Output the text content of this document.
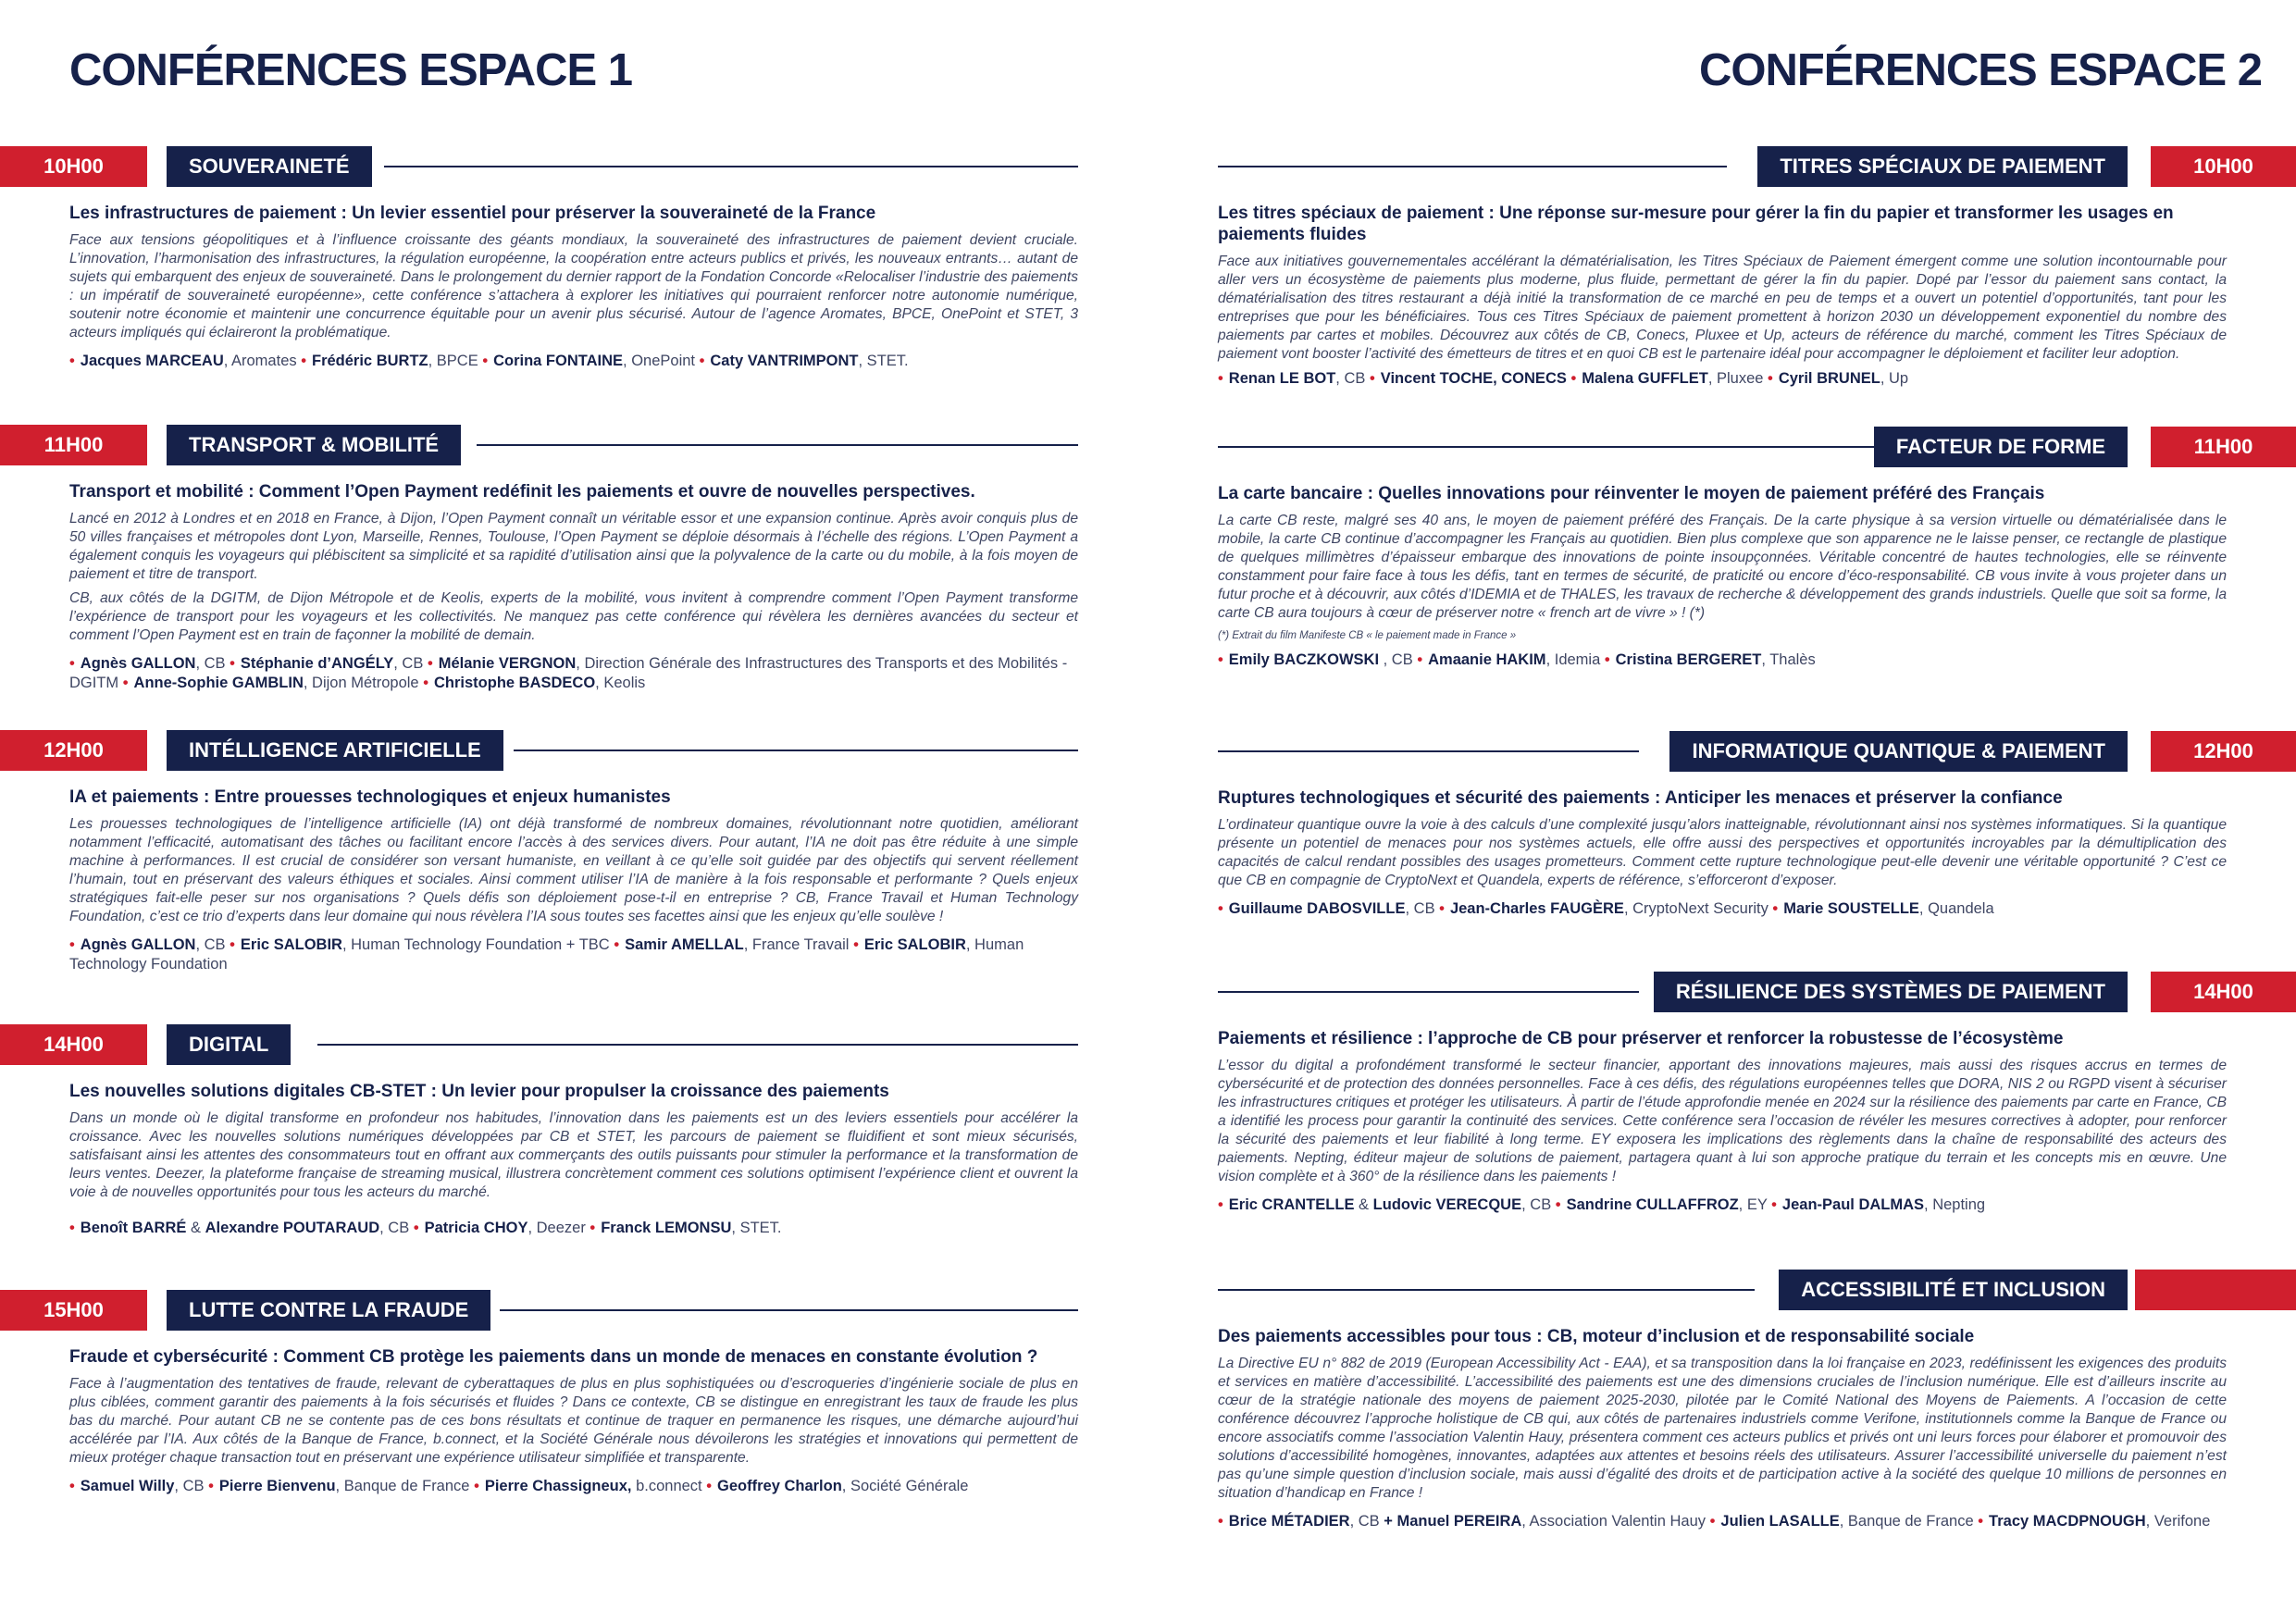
CONFÉRENCES ESPACE 1
10H00	SOUVERAINETÉ
Les infrastructures de paiement : Un levier essentiel pour préserver la souveraineté de la France

Face aux tensions géopolitiques et à l’influence croissante des géants mondiaux, la souveraineté des infrastructures de paiement devient cruciale. L’innovation, l’harmonisation des infrastructures, la régulation européenne, la coopération entre acteurs publics et privés, les nouveaux entrants… autant de sujets qui embarquent des enjeux de souveraineté. Dans le prolongement du dernier rapport de la Fondation Concorde «Relocaliser l’industrie des paiements : un impératif de souveraineté européenne», cette conférence s’attachera à explorer les initiatives qui pourraient renforcer notre autonomie numérique, soutenir notre économie et maintenir une concurrence équitable pour un avenir plus sécurisé. Autour de l’agence Aromates, BPCE, OnePoint et STET, 3 acteurs impliqués qui éclaireront la problématique.

• Jacques MARCEAU, Aromates • Frédéric BURTZ, BPCE • Corina FONTAINE, OnePoint • Caty VANTRIMPONT, STET.
11H00	TRANSPORT & MOBILITÉ
Transport et mobilité : Comment l’Open Payment redéfinit les paiements et ouvre de nouvelles perspectives.

Lancé en 2012 à Londres et en 2018 en France, à Dijon, l’Open Payment connaît un véritable essor et une expansion continue. Après avoir conquis plus de 50 villes françaises et métropoles dont Lyon, Marseille, Rennes, Toulouse, l’Open Payment se déploie désormais à l’échelle des régions. L’Open Payment a également conquis les voyageurs qui plébiscitent sa simplicité et sa rapidité d’utilisation ainsi que la polyvalence de la carte ou du mobile, à la fois moyen de paiement et titre de transport.

CB, aux côtés de la DGITM, de Dijon Métropole et de Keolis, experts de la mobilité, vous invitent à comprendre comment l’Open Payment transforme l’expérience de transport pour les voyageurs et les collectivités. Ne manquez pas cette conférence qui révèlera les dernières avancées du secteur et comment l’Open Payment est en train de façonner la mobilité de demain.

• Agnès GALLON, CB • Stéphanie d’ANGÉLY, CB • Mélanie VERGNON, Direction Générale des Infrastructures des Transports et des Mobilités - DGITM • Anne-Sophie GAMBLIN, Dijon Métropole • Christophe BASDECO, Keolis
12H00	INTÉLLIGENCE ARTIFICIELLE
IA et paiements : Entre prouesses technologiques et enjeux humanistes

Les prouesses technologiques de l’intelligence artificielle (IA) ont déjà transformé de nombreux domaines, révolutionnant notre quotidien, améliorant notamment l’efficacité, automatisant des tâches ou facilitant encore l’accès à des services divers. Pour autant, l’IA ne doit pas être réduite à une simple machine à performances. Il est crucial de considérer son versant humaniste, en veillant à ce qu’elle soit guidée par des objectifs qui servent réellement l’humain, tout en préservant des valeurs éthiques et sociales. Ainsi comment utiliser l’IA de manière à la fois responsable et performante ? Quels enjeux stratégiques fait-elle peser sur nos organisations ? Quels défis son déploiement pose-t-il en entreprise ? CB, France Travail et Human Technology Foundation, c’est ce trio d’experts dans leur domaine qui nous révèlera l’IA sous toutes ses facettes ainsi que les enjeux qu’elle soulève !

• Agnès GALLON, CB • Eric SALOBIR, Human Technology Foundation + TBC • Samir AMELLAL, France Travail • Eric SALOBIR, Human Technology Foundation
14H00	DIGITAL
Les nouvelles solutions digitales CB-STET : Un levier pour propulser la croissance des paiements

Dans un monde où le digital transforme en profondeur nos habitudes, l’innovation dans les paiements est un des leviers essentiels pour accélérer la croissance. Avec les nouvelles solutions numériques développées par CB et STET, les parcours de paiement se fluidifient et sont mieux sécurisés, satisfaisant ainsi les attentes des consommateurs tout en offrant aux commerçants des outils puissants pour stimuler la performance et la transformation de leurs ventes. Deezer, la plateforme française de streaming musical, illustrera concrètement comment ces solutions optimisent l’expérience client et ouvrent la voie à de nouvelles opportunités pour tous les acteurs du marché.

• Benoît BARRÉ & Alexandre POUTARAUD, CB • Patricia CHOY, Deezer • Franck LEMONSU, STET.
15H00	LUTTE CONTRE LA FRAUDE
Fraude et cybersécurité : Comment CB protège les paiements dans un monde de menaces en constante évolution ?

Face à l’augmentation des tentatives de fraude, relevant de cyberattaques de plus en plus sophistiquées ou d’escroqueries d’ingénierie sociale de plus en plus ciblées, comment garantir des paiements à la fois sécurisés et fluides ? Dans ce contexte, CB se distingue en enregistrant les taux de fraude les plus bas du marché. Pour autant CB ne se contente pas de ces bons résultats et continue de traquer en permanence les risques, une démarche aujourd’hui accélérée par l’IA. Aux côtés de la Banque de France, b.connect, et la Société Générale nous dévoilerons les stratégies et innovations qui permettent de mieux protéger chaque transaction tout en préservant une expérience utilisateur simplifiée et transparente.

• Samuel Willy, CB • Pierre Bienvenu, Banque de France • Pierre Chassigneux, b.connect • Geoffrey Charlon, Société Générale
CONFÉRENCES ESPACE 2
TITRES SPÉCIAUX DE PAIEMENT	10H00
Les titres spéciaux de paiement : Une réponse sur-mesure pour gérer la fin du papier et transformer les usages en paiements fluides

Face aux initiatives gouvernementales accélérant la dématérialisation, les Titres Spéciaux de Paiement émergent comme une solution incontournable pour aller vers un écosystème de paiements plus moderne, plus fluide, permettant de gérer la fin du papier. Dopé par l’essor du paiement sans contact, la dématérialisation des titres restaurant a déjà initié la transformation de ce marché en peu de temps et a ouvert un potentiel d’opportunités, tant pour les entreprises que pour les bénéficiaires. Tous ces Titres Spéciaux de paiement promettent à horizon 2030 un développement exponentiel du nombre des paiements par cartes et mobiles. Découvrez aux côtés de CB, Conecs, Pluxee et Up, acteurs de référence du marché, comment les Titres Spéciaux de paiement vont booster l’activité des émetteurs de titres et en quoi CB est le partenaire idéal pour accompagner le déploiement et faciliter leur adoption.

• Renan LE BOT, CB • Vincent TOCHE, CONECS • Malena GUFFLET, Pluxee • Cyril BRUNEL, Up
FACTEUR DE FORME	11H00
La carte bancaire : Quelles innovations pour réinventer le moyen de paiement préféré des Français

La carte CB reste, malgré ses 40 ans, le moyen de paiement préféré des Français. De la carte physique à sa version virtuelle ou dématérialisée dans le mobile, la carte CB continue d’accompagner les Français au quotidien. Bien plus complexe que son apparence ne le laisse penser, ce rectangle de plastique de quelques millimètres d’épaisseur embarque des innovations de pointe insoupçonnées. Véritable concentré de hautes technologies, elle se réinvente constamment pour faire face à tous les défis, tant en termes de sécurité, de praticité ou encore d’éco-responsabilité. CB vous invite à vous projeter dans un futur proche et à découvrir, aux côtés d’IDEMIA et de THALES, les travaux de recherche & développement des grands industriels. Quelle que soit sa forme, la carte CB aura toujours à cœur de préserver notre « french art de vivre » ! (*)

(*) Extrait du film Manifeste CB « le paiement made in France »
• Emily BACZKOWSKI , CB • Amaanie HAKIM, Idemia • Cristina BERGERET, Thalès
INFORMATIQUE QUANTIQUE & PAIEMENT	12H00
Ruptures technologiques et sécurité des paiements : Anticiper les menaces et préserver la confiance

L’ordinateur quantique ouvre la voie à des calculs d’une complexité jusqu’alors inatteignable, révolutionnant ainsi nos systèmes informatiques. Si la quantique présente un potentiel de menaces pour nos systèmes actuels, elle offre aussi des perspectives et opportunités incroyables par la démultiplication des capacités de calcul rendant possibles des usages prometteurs. Comment cette rupture technologique peut-elle devenir une véritable opportunité ? C’est ce que CB en compagnie de CryptoNext et Quandela, experts de référence, s’efforceront d’exposer.

• Guillaume DABOSVILLE, CB • Jean-Charles FAUGÈRE, CryptoNext Security • Marie SOUSTELLE, Quandela
RÉSILIENCE DES SYSTÈMES DE PAIEMENT	14H00
Paiements et résilience : l’approche de CB pour préserver et renforcer la robustesse de l’écosystème

L’essor du digital a profondément transformé le secteur financier, apportant des innovations majeures, mais aussi des risques accrus en termes de cybersécurité et de protection des données personnelles. Face à ces défis, des régulations européennes telles que DORA, NIS 2 ou RGPD visent à sécuriser les infrastructures critiques et protéger les utilisateurs. À partir de l’étude approfondie menée en 2024 sur la résilience des paiements par carte en France, CB a identifié les process pour garantir la continuité des services. Cette conférence sera l’occasion de révéler les mesures correctives à adopter, pour renforcer la sécurité des paiements et leur fiabilité à long terme. EY exposera les implications des règlements dans la chaîne de responsabilité des acteurs des paiements. Nepting, éditeur majeur de solutions de paiement, partagera quant à lui son approche pratique du terrain et les concepts mis en œuvre. Une vision complète et à 360° de la résilience dans les paiements !

• Eric CRANTELLE & Ludovic VERECQUE, CB • Sandrine CULLAFFROZ, EY • Jean-Paul DALMAS, Nepting
ACCESSIBILITÉ ET INCLUSION
Des paiements accessibles pour tous : CB, moteur d’inclusion et de responsabilité sociale

La Directive EU n° 882 de 2019 (European Accessibility Act - EAA), et sa transposition dans la loi française en 2023, redéfinissent les exigences des produits et services en matière d’accessibilité. L’accessibilité des paiements est une des dimensions cruciales de l’inclusion numérique. Elle est d’ailleurs inscrite au cœur de la stratégie nationale des moyens de paiement 2025-2030, pilotée par le Comité National des Moyens de Paiements. A l’occasion de cette conférence découvrez l’approche holistique de CB qui, aux côtés de partenaires industriels comme Verifone, institutionnels comme la Banque de France ou encore associatifs comme l’association Valentin Hauy, présentera comment ces acteurs publics et privés ont uni leurs forces pour élaborer et promouvoir des solutions d’accessibilité homogènes, innovantes, adaptées aux attentes et besoins réels des utilisateurs. Assurer l’accessibilité universelle du paiement n’est pas qu’une simple question d’inclusion sociale, mais aussi d’égalité des droits et de participation active à la société des quelque 10 millions de personnes en situation d’handicap en France !

• Brice MÉTADIER, CB + Manuel PEREIRA, Association Valentin Hauy • Julien LASALLE, Banque de France • Tracy MACDPNOUGH, Verifone
